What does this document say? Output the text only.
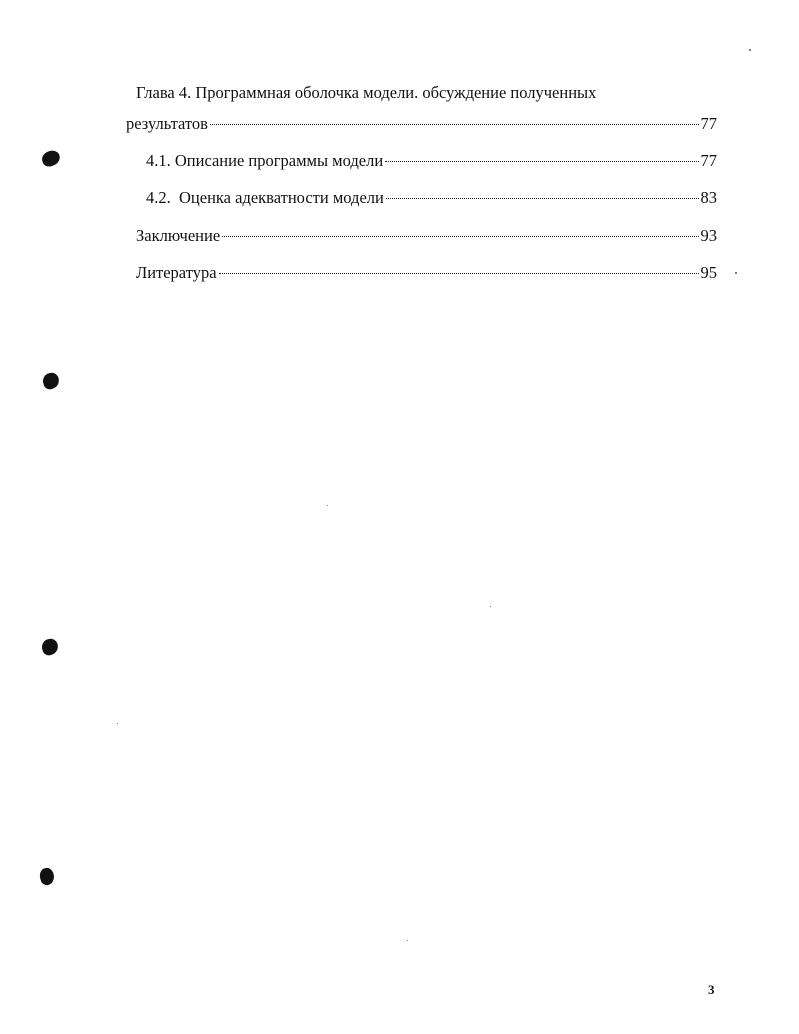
Глава 4. Программная оболочка модели. обсуждение полученных
результатов	77
4.1. Описание программы модели	77
4.2.  Оценка адекватности модели	83
Заключение	93
Литература	95
3
